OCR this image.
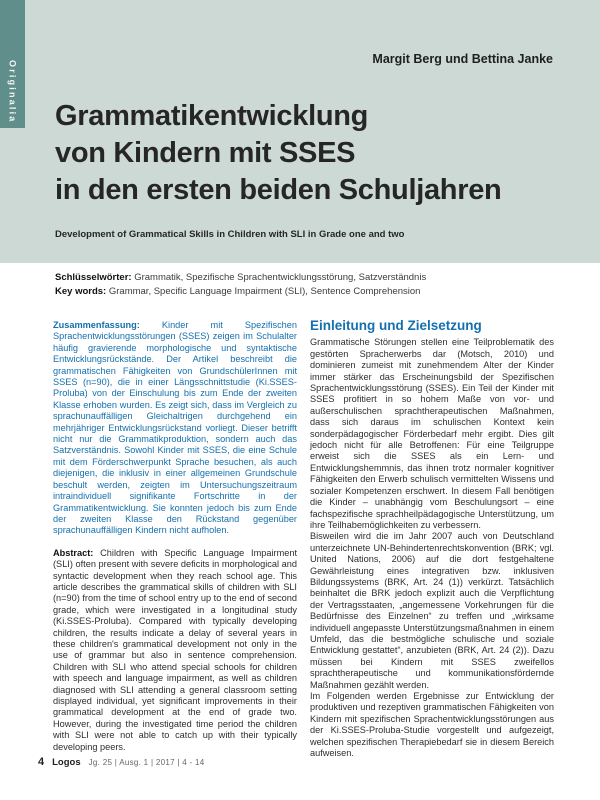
Originalia
Margit Berg und Bettina Janke
Grammatikentwicklung
von Kindern mit SSES
in den ersten beiden Schuljahren
Development of Grammatical Skills in Children with SLI in Grade one and two
Schlüsselwörter: Grammatik, Spezifische Sprachentwicklungsstörung, Satzverständnis
Key words: Grammar, Specific Language Impairment (SLI), Sentence Comprehension

Zusammenfassung: Kinder mit Spezifischen Sprachentwicklungsstörungen (SSES) zeigen im Schulalter häufig gravierende morphologische und syntaktische Entwicklungsrückstände. Der Artikel beschreibt die grammatischen Fähigkeiten von GrundschülerInnen mit SSES (n=90), die in einer Längsschnittstudie (Ki.SSES-Proluba) von der Einschulung bis zum Ende der zweiten Klasse erhoben wurden. Es zeigt sich, dass im Vergleich zu sprachunauffälligen Gleichaltrigen durchgehend ein mehrjähriger Entwicklungsrückstand vorliegt. Dieser betrifft nicht nur die Grammatikproduktion, sondern auch das Satzverständnis. Sowohl Kinder mit SSES, die eine Schule mit dem Förderschwerpunkt Sprache besuchen, als auch diejenigen, die inklusiv in einer allgemeinen Grundschule beschult werden, zeigten im Untersuchungszeitraum intraindividuell signifikante Fortschritte in der Grammatikentwicklung. Sie konnten jedoch bis zum Ende der zweiten Klasse den Rückstand gegenüber sprachunauffälligen Kindern nicht aufholen.

Abstract: Children with Specific Language Impairment (SLI) often present with severe deficits in morphological and syntactic development when they reach school age. This article describes the grammatical skills of children with SLI (n=90) from the time of school entry up to the end of second grade, which were investigated in a longitudinal study (Ki.SSES-Proluba). Compared with typically developing children, the results indicate a delay of several years in these children's grammatical development not only in the use of grammar but also in sentence comprehension. Children with SLI who attend special schools for children with speech and language impairment, as well as children diagnosed with SLI attending a general classroom setting displayed individual, yet significant improvements in their grammatical development at the end of grade two. However, during the investigated time period the children with SLI were not able to catch up with their typically developing peers.

Einleitung und Zielsetzung

Grammatische Störungen stellen eine Teilproblematik des gestörten Spracherwerbs dar (Motsch, 2010) und dominieren zumeist mit zunehmendem Alter der Kinder immer stärker das Erscheinungsbild der Spezifischen Sprachentwicklungsstörung (SSES). Ein Teil der Kinder mit SSES profitiert in so hohem Maße von vor- und außerschulischen sprachtherapeutischen Maßnahmen, dass sich daraus im schulischen Kontext kein sonderpädagogischer Förderbedarf mehr ergibt. Dies gilt jedoch nicht für alle Betroffenen: Für eine Teilgruppe erweist sich die SSES als ein Lern- und Entwicklungshemmnis, das ihnen trotz normaler kognitiver Fähigkeiten den Erwerb schulisch vermittelten Wissens und sozialer Kompetenzen erschwert. In diesem Fall benötigen die Kinder – unabhängig vom Beschulungsort – eine fachspezifische sprachheilpädagogische Unterstützung, um ihre Teilhabemöglichkeiten zu verbessern.

Bisweilen wird die im Jahr 2007 auch von Deutschland unterzeichnete UN-Behindertenrechtskonvention (BRK; vgl. United Nations, 2006) auf die dort festgehaltene Gewährleistung eines integrativen bzw. inklusiven Bildungssystems (BRK, Art. 24 (1)) verkürzt. Tatsächlich beinhaltet die BRK jedoch explizit auch die Verpflichtung der Vertragsstaaten, „angemessene Vorkehrungen für die Bedürfnisse des Einzelnen“ zu treffen und „wirksame individuell angepasste Unterstützungsmaßnahmen in einem Umfeld, das die bestmögliche schulische und soziale Entwicklung gestattet“, anzubieten (BRK, Art. 24 (2)). Dazu müssen bei Kindern mit SSES zweifellos sprachtherapeutische und kommunikationsfördernde Maßnahmen gezählt werden.

Im Folgenden werden Ergebnisse zur Entwicklung der produktiven und rezeptiven grammatischen Fähigkeiten von Kindern mit spezifischen Sprachentwicklungsstörungen aus der Ki.SSES-Proluba-Studie vorgestellt und aufgezeigt, welchen spezifischen Therapiebedarf sie in diesem Bereich aufweisen.

4 Logos Jg. 25 | Ausg. 1 | 2017 | 4 - 14
